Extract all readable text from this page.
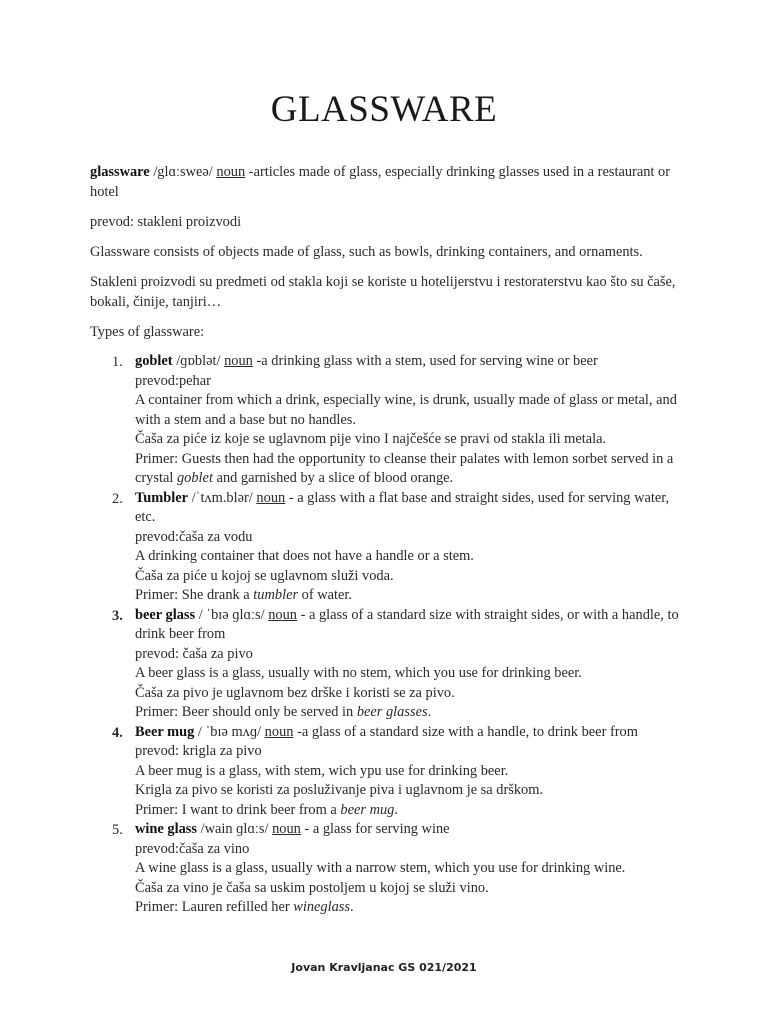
GLASSWARE

glassware /glɑːsweə/ noun -articles made of glass, especially drinking glasses used in a restaurant or hotel

prevod: stakleni proizvodi

Glassware consists of objects made of glass, such as bowls, drinking containers, and ornaments.

Stakleni proizvodi su predmeti od stakla koji se koriste u hotelijerstvu i restoraterstvu kao što su čaše, bokali, činije, tanjiri…

Types of glassware:

1. goblet /ɡɒblət/ noun -a drinking glass with a stem, used for serving wine or beer
prevod:pehar
A container from which a drink, especially wine, is drunk, usually made of glass or metal, and with a stem and a base but no handles.
Čaša za piće iz koje se uglavnom pije vino I najčešće se pravi od stakla ili metala.
Primer: Guests then had the opportunity to cleanse their palates with lemon sorbet served in a crystal goblet and garnished by a slice of blood orange.
2. Tumbler /ˈtʌm.blər/ noun - a glass with a flat base and straight sides, used for serving water, etc.
prevod:čaša za vodu
A drinking container that does not have a handle or a stem.
Čaša za piće u kojoj se uglavnom služi voda.
Primer: She drank a tumbler of water.
3. beer glass / ˈbɪə ɡlɑːs/ noun - a glass of a standard size with straight sides, or with a handle, to drink beer from
prevod: čaša za pivo
A beer glass is a glass, usually with no stem, which you use for drinking beer.
Čaša za pivo je uglavnom bez drške i koristi se za pivo.
Primer: Beer should only be served in beer glasses.
4. Beer mug / ˈbɪə mʌɡ/ noun -a glass of a standard size with a handle, to drink beer from
prevod: krigla za pivo
A beer mug is a glass, with stem, wich ypu use for drinking beer.
Krigla za pivo se koristi za posluživanje piva i uglavnom je sa drškom.
Primer: I want to drink beer from a beer mug.
5. wine glass /wain ɡlɑːs/ noun - a glass for serving wine
prevod:čaša za vino
A wine glass is a glass, usually with a narrow stem, which you use for drinking wine.
Čaša za vino je čaša sa uskim postoljem u kojoj se služi vino.
Primer: Lauren refilled her wineglass.
Jovan Kravljanac GS 021/2021
